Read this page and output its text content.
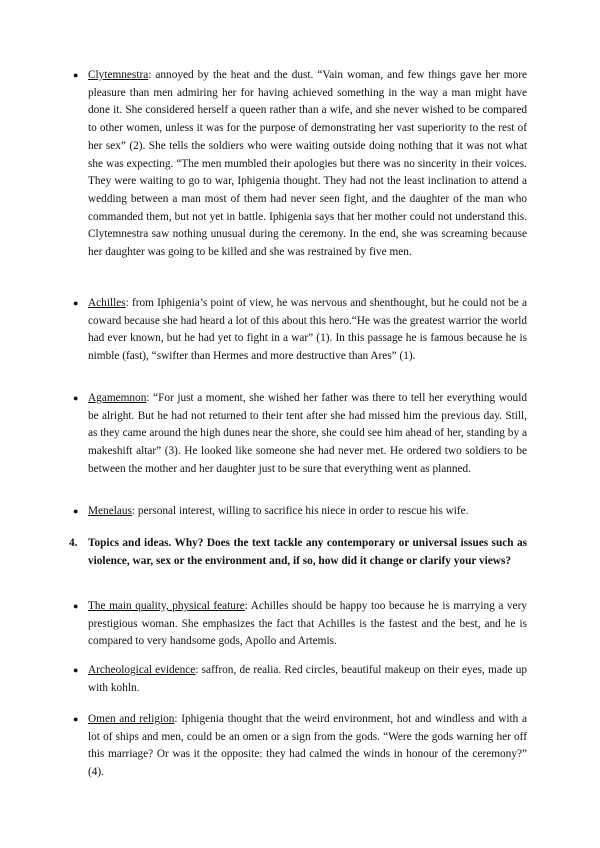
● Clytemnestra: annoyed by the heat and the dust. “Vain woman, and few things gave her more pleasure than men admiring her for having achieved something in the way a man might have done it. She considered herself a queen rather than a wife, and she never wished to be compared to other women, unless it was for the purpose of demonstrating her vast superiority to the rest of her sex” (2). She tells the soldiers who were waiting outside doing nothing that it was not what she was expecting. “The men mumbled their apologies but there was no sincerity in their voices. They were waiting to go to war, Iphigenia thought. They had not the least inclination to attend a wedding between a man most of them had never seen fight, and the daughter of the man who commanded them, but not yet in battle. Iphigenia says that her mother could not understand this. Clytemnestra saw nothing unusual during the ceremony. In the end, she was screaming because her daughter was going to be killed and she was restrained by five men.
● Achilles: from Iphigenia’s point of view, he was nervous and shenthought, but he could not be a coward because she had heard a lot of this about this hero.“He was the greatest warrior the world had ever known, but he had yet to fight in a war” (1). In this passage he is famous because he is nimble (fast), “swifter than Hermes and more destructive than Ares” (1).
● Agamemnon: “For just a moment, she wished her father was there to tell her everything would be alright. But he had not returned to their tent after she had missed him the previous day. Still, as they came around the high dunes near the shore, she could see him ahead of her, standing by a makeshift altar” (3). He looked like someone she had never met. He ordered two soldiers to be between the mother and her daughter just to be sure that everything went as planned.
● Menelaus: personal interest, willing to sacrifice his niece in order to rescue his wife.
4. Topics and ideas. Why? Does the text tackle any contemporary or universal issues such as violence, war, sex or the environment and, if so, how did it change or clarify your views?
● The main quality, physical feature: Achilles should be happy too because he is marrying a very prestigious woman. She emphasizes the fact that Achilles is the fastest and the best, and he is compared to very handsome gods, Apollo and Artemis.
● Archeological evidence: saffron, de realia. Red circles, beautiful makeup on their eyes, made up with kohln.
● Omen and religion: Iphigenia thought that the weird environment, hot and windless and with a lot of ships and men, could be an omen or a sign from the gods. “Were the gods warning her off this marriage? Or was it the opposite: they had calmed the winds in honour of the ceremony?” (4).
